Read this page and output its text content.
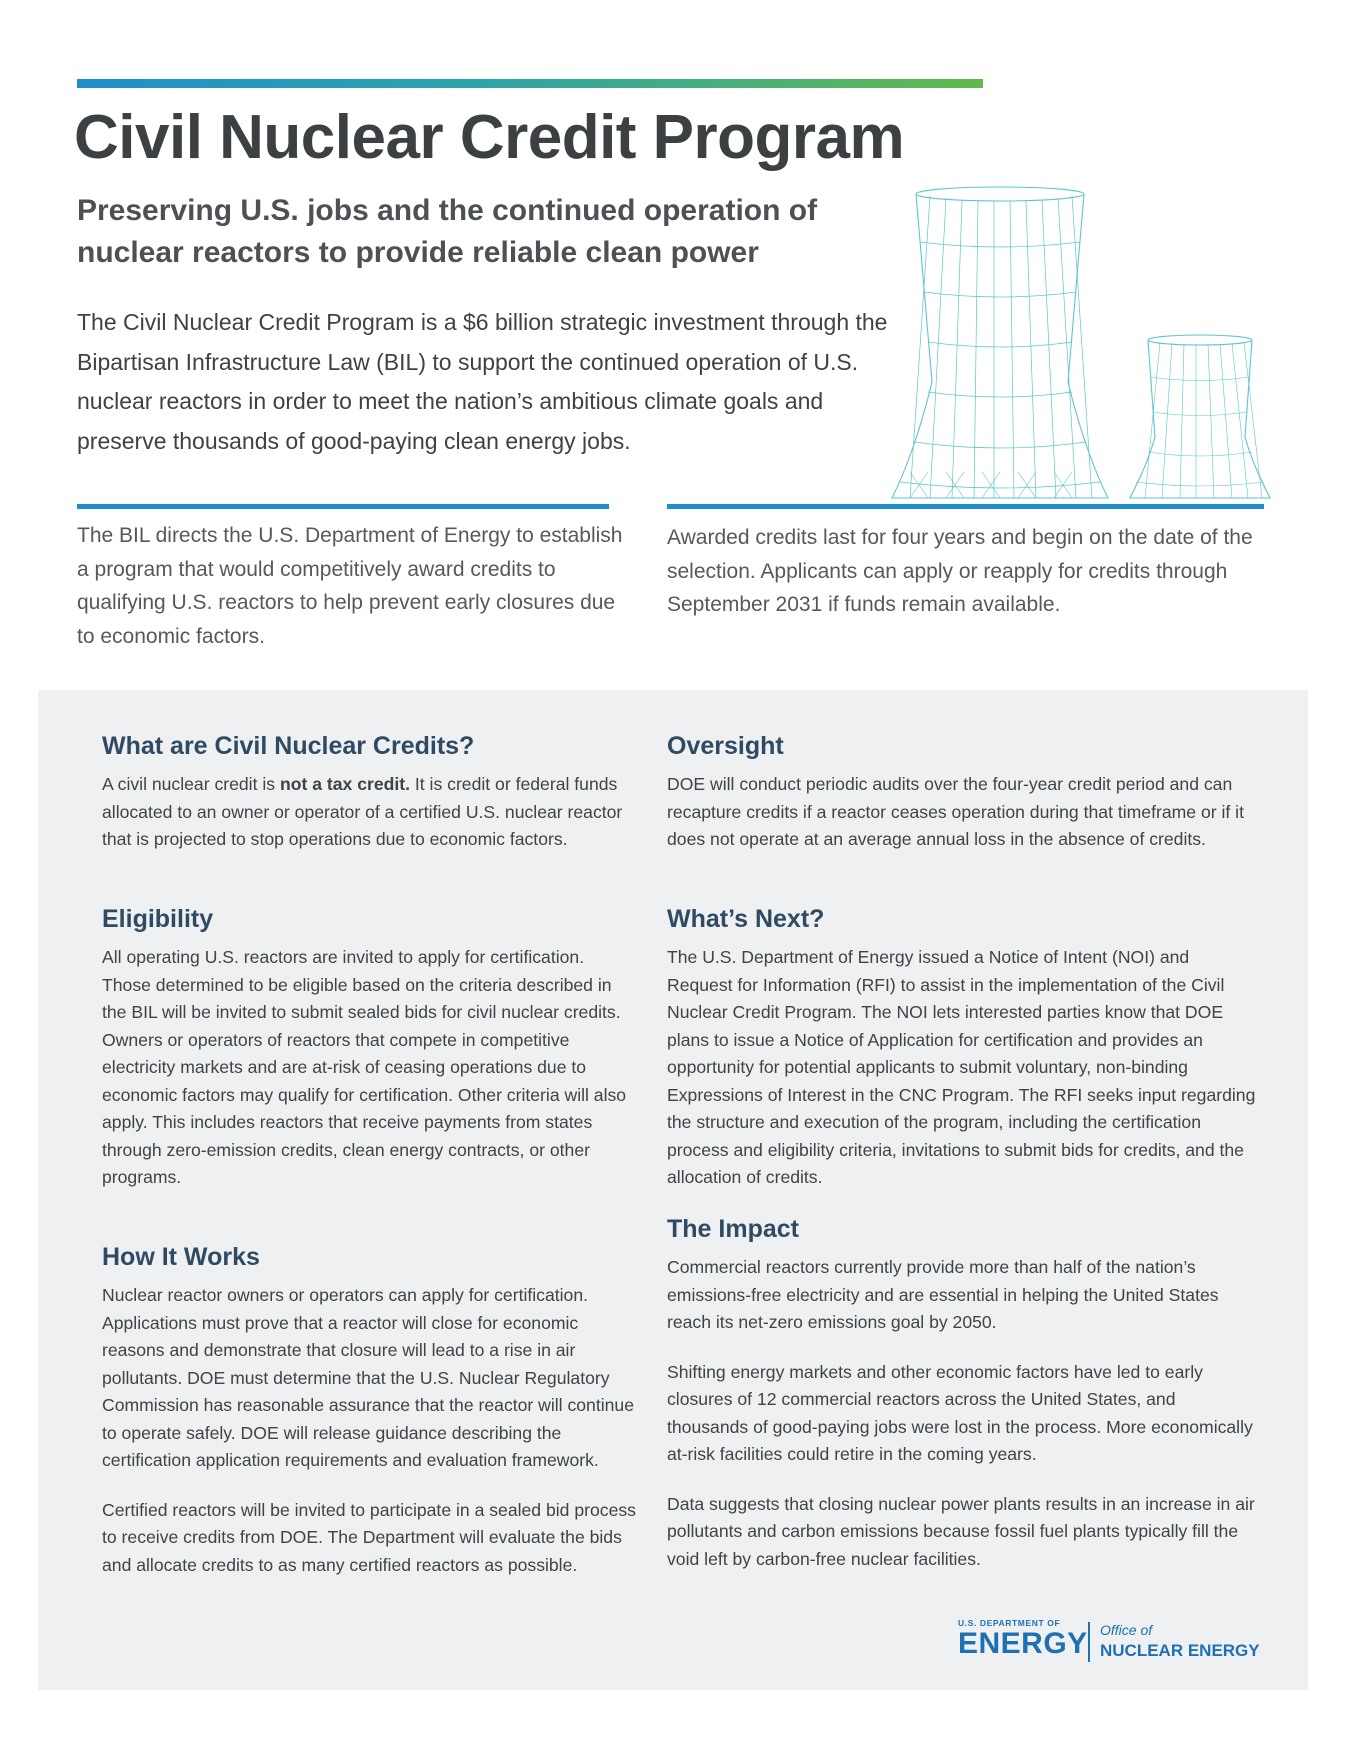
Civil Nuclear Credit Program

Preserving U.S. jobs and the continued operation of nuclear reactors to provide reliable clean power

The Civil Nuclear Credit Program is a $6 billion strategic investment through the Bipartisan Infrastructure Law (BIL) to support the continued operation of U.S. nuclear reactors in order to meet the nation’s ambitious climate goals and preserve thousands of good-paying clean energy jobs.

The BIL directs the U.S. Department of Energy to establish a program that would competitively award credits to qualifying U.S. reactors to help prevent early closures due to economic factors.

Awarded credits last for four years and begin on the date of the selection. Applicants can apply or reapply for credits through September 2031 if funds remain available.

What are Civil Nuclear Credits?

A civil nuclear credit is not a tax credit. It is credit or federal funds allocated to an owner or operator of a certified U.S. nuclear reactor that is projected to stop operations due to economic factors.

Eligibility

All operating U.S. reactors are invited to apply for certification. Those determined to be eligible based on the criteria described in the BIL will be invited to submit sealed bids for civil nuclear credits. Owners or operators of reactors that compete in competitive electricity markets and are at-risk of ceasing operations due to economic factors may qualify for certification. Other criteria will also apply. This includes reactors that receive payments from states through zero-emission credits, clean energy contracts, or other programs.

How It Works

Nuclear reactor owners or operators can apply for certification. Applications must prove that a reactor will close for economic reasons and demonstrate that closure will lead to a rise in air pollutants. DOE must determine that the U.S. Nuclear Regulatory Commission has reasonable assurance that the reactor will continue to operate safely. DOE will release guidance describing the certification application requirements and evaluation framework.

Certified reactors will be invited to participate in a sealed bid process to receive credits from DOE. The Department will evaluate the bids and allocate credits to as many certified reactors as possible.

Oversight

DOE will conduct periodic audits over the four-year credit period and can recapture credits if a reactor ceases operation during that timeframe or if it does not operate at an average annual loss in the absence of credits.

What’s Next?

The U.S. Department of Energy issued a Notice of Intent (NOI) and Request for Information (RFI) to assist in the implementation of the Civil Nuclear Credit Program. The NOI lets interested parties know that DOE plans to issue a Notice of Application for certification and provides an opportunity for potential applicants to submit voluntary, non-binding Expressions of Interest in the CNC Program. The RFI seeks input regarding the structure and execution of the program, including the certification process and eligibility criteria, invitations to submit bids for credits, and the allocation of credits.

The Impact

Commercial reactors currently provide more than half of the nation’s emissions-free electricity and are essential in helping the United States reach its net-zero emissions goal by 2050.

Shifting energy markets and other economic factors have led to early closures of 12 commercial reactors across the United States, and thousands of good-paying jobs were lost in the process. More economically at-risk facilities could retire in the coming years.

Data suggests that closing nuclear power plants results in an increase in air pollutants and carbon emissions because fossil fuel plants typically fill the void left by carbon-free nuclear facilities.

U.S. DEPARTMENT OF
ENERGY Office of
NUCLEAR ENERGY
